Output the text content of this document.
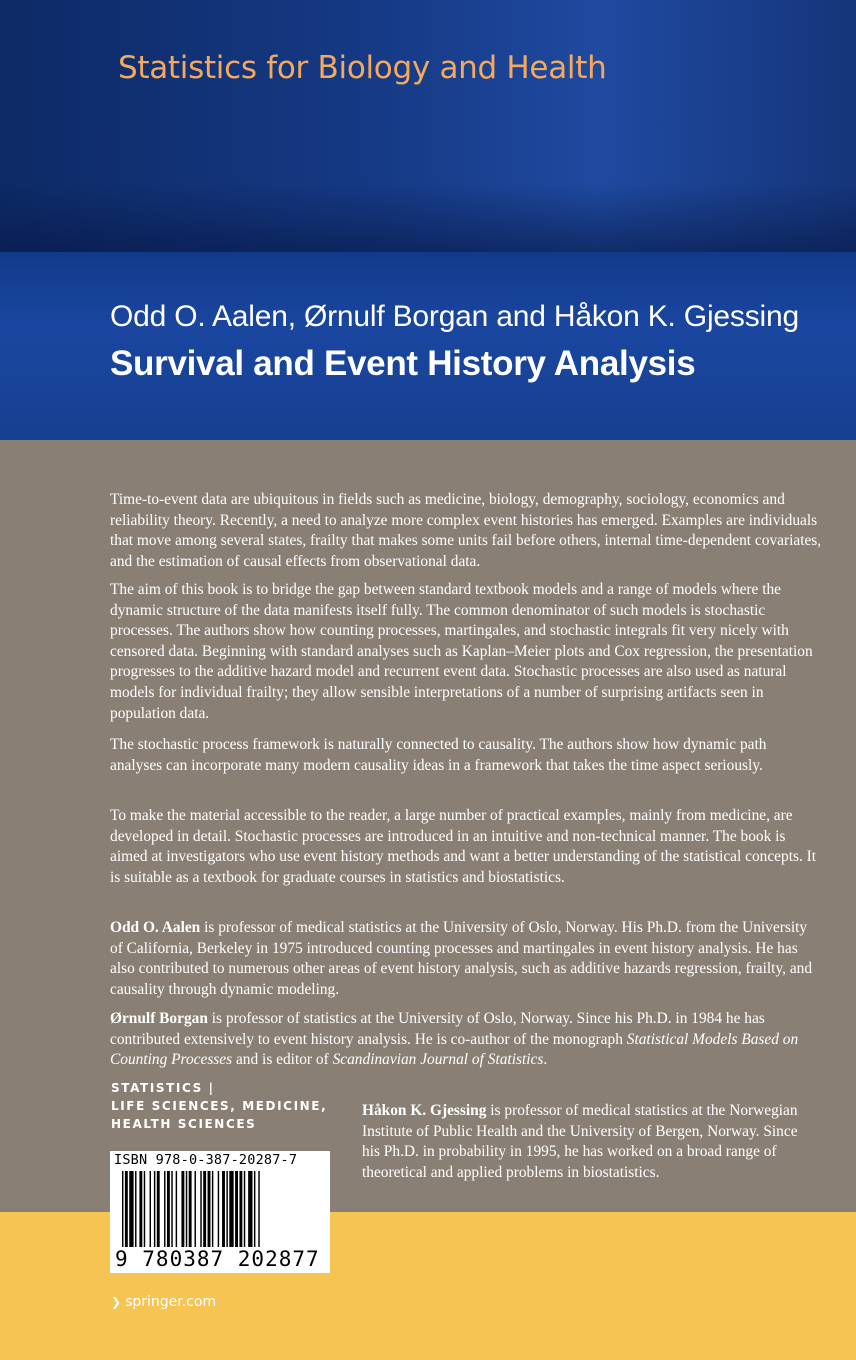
Statistics for Biology and Health
Odd O. Aalen, Ørnulf Borgan and Håkon K. Gjessing
Survival and Event History Analysis

Time-to-event data are ubiquitous in fields such as medicine, biology, demography, sociology, economics and reliability theory. Recently, a need to analyze more complex event histories has emerged. Examples are individuals that move among several states, frailty that makes some units fail before others, internal time-dependent covariates, and the estimation of causal effects from observational data.

The aim of this book is to bridge the gap between standard textbook models and a range of models where the dynamic structure of the data manifests itself fully. The common denominator of such models is stochastic processes. The authors show how counting processes, martingales, and stochastic integrals fit very nicely with censored data. Beginning with standard analyses such as Kaplan–Meier plots and Cox regression, the presentation progresses to the additive hazard model and recurrent event data. Stochastic processes are also used as natural models for individual frailty; they allow sensible interpretations of a number of surprising artifacts seen in population data.

The stochastic process framework is naturally connected to causality. The authors show how dynamic path analyses can incorporate many modern causality ideas in a framework that takes the time aspect seriously.

To make the material accessible to the reader, a large number of practical examples, mainly from medicine, are developed in detail. Stochastic processes are introduced in an intuitive and non-technical manner. The book is aimed at investigators who use event history methods and want a better understanding of the statistical concepts. It is suitable as a textbook for graduate courses in statistics and biostatistics.

Odd O. Aalen is professor of medical statistics at the University of Oslo, Norway. His Ph.D. from the University of California, Berkeley in 1975 introduced counting processes and martingales in event history analysis. He has also contributed to numerous other areas of event history analysis, such as additive hazards regression, frailty, and causality through dynamic modeling.

Ørnulf Borgan is professor of statistics at the University of Oslo, Norway. Since his Ph.D. in 1984 he has contributed extensively to event history analysis. He is co-author of the monograph Statistical Models Based on Counting Processes and is editor of Scandinavian Journal of Statistics.

Håkon K. Gjessing is professor of medical statistics at the Norwegian Institute of Public Health and the University of Bergen, Norway. Since his Ph.D. in probability in 1995, he has worked on a broad range of theoretical and applied problems in biostatistics.

STATISTICS |
LIFE SCIENCES, MEDICINE,
HEALTH SCIENCES
ISBN 978-0-387-20287-7
9 780387 202877
❯ springer.com
